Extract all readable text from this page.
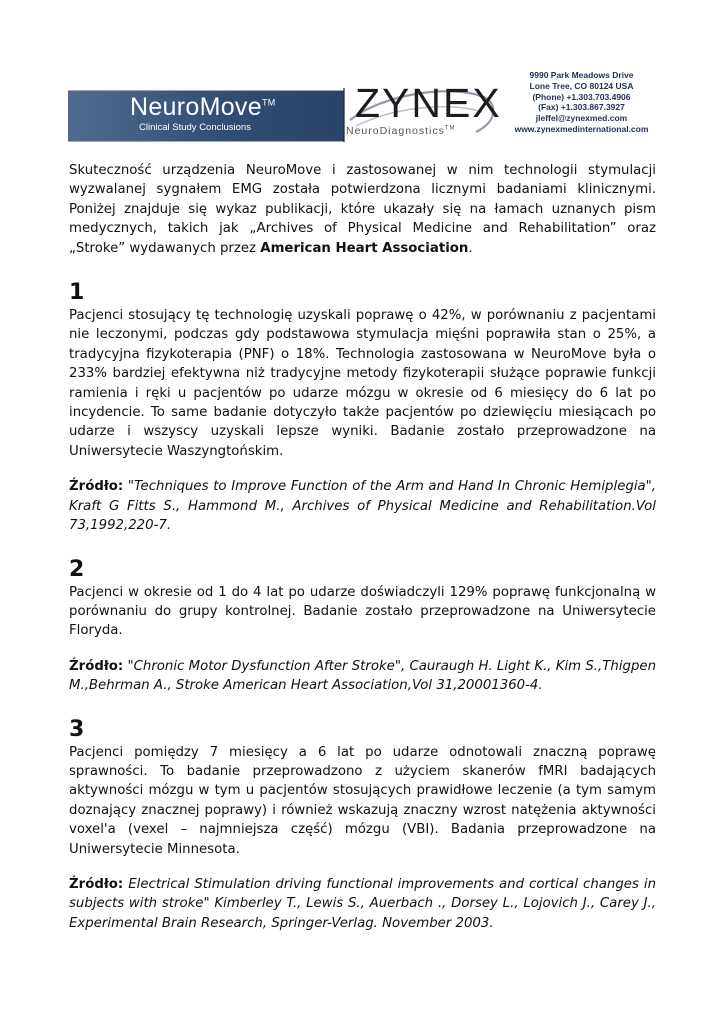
NeuroMove™
Clinical Study Conclusions
ZYNEX
NeuroDiagnostics™
9990 Park Meadows Drive
Lone Tree, CO 80124 USA
(Phone) +1.303.703.4906
(Fax) +1.303.867.3927
jleffel@zynexmed.com
www.zynexmedinternational.com

Skuteczność urządzenia NeuroMove i zastosowanej w nim technologii stymulacji wyzwalanej sygnałem EMG została potwierdzona licznymi badaniami klinicznymi. Poniżej znajduje się wykaz publikacji, które ukazały się na łamach uznanych pism medycznych, takich jak „Archives of Physical Medicine and Rehabilitation” oraz „Stroke” wydawanych przez American Heart Association.

1

Pacjenci stosujący tę technologię uzyskali poprawę o 42%, w porównaniu z pacjentami nie leczonymi, podczas gdy podstawowa stymulacja mięśni poprawiła stan o 25%, a tradycyjna fizykoterapia (PNF) o 18%. Technologia zastosowana w NeuroMove była o 233% bardziej efektywna niż tradycyjne metody fizykoterapii służące poprawie funkcji ramienia i ręki u pacjentów po udarze mózgu w okresie od 6 miesięcy do 6 lat po incydencie. To same badanie dotyczyło także pacjentów po dziewięciu miesiącach po udarze i wszyscy uzyskali lepsze wyniki. Badanie zostało przeprowadzone na Uniwersytecie Waszyngtońskim.

Źródło: "Techniques to Improve Function of the Arm and Hand In Chronic Hemiplegia", Kraft G Fitts S., Hammond M., Archives of Physical Medicine and Rehabilitation.Vol 73,1992,220-7.

2

Pacjenci w okresie od 1 do 4 lat po udarze doświadczyli 129% poprawę funkcjonalną w porównaniu do grupy kontrolnej. Badanie zostało przeprowadzone na Uniwersytecie Floryda.

Źródło: "Chronic Motor Dysfunction After Stroke", Cauraugh H. Light K., Kim S.,Thigpen M.,Behrman A., Stroke American Heart Association,Vol 31,20001360-4.

3

Pacjenci pomiędzy 7 miesięcy a 6 lat po udarze odnotowali znaczną poprawę sprawności. To badanie przeprowadzono z użyciem skanerów fMRI badających aktywności mózgu w tym u pacjentów stosujących prawidłowe leczenie (a tym samym doznający znacznej poprawy) i również wskazują znaczny wzrost natężenia aktywności voxel'a (vexel – najmniejsza część) mózgu (VBI). Badania przeprowadzone na Uniwersytecie Minnesota.

Źródło: Electrical Stimulation driving functional improvements and cortical changes in subjects with stroke" Kimberley T., Lewis S., Auerbach ., Dorsey L., Lojovich J., Carey J., Experimental Brain Research, Springer-Verlag. November 2003.
